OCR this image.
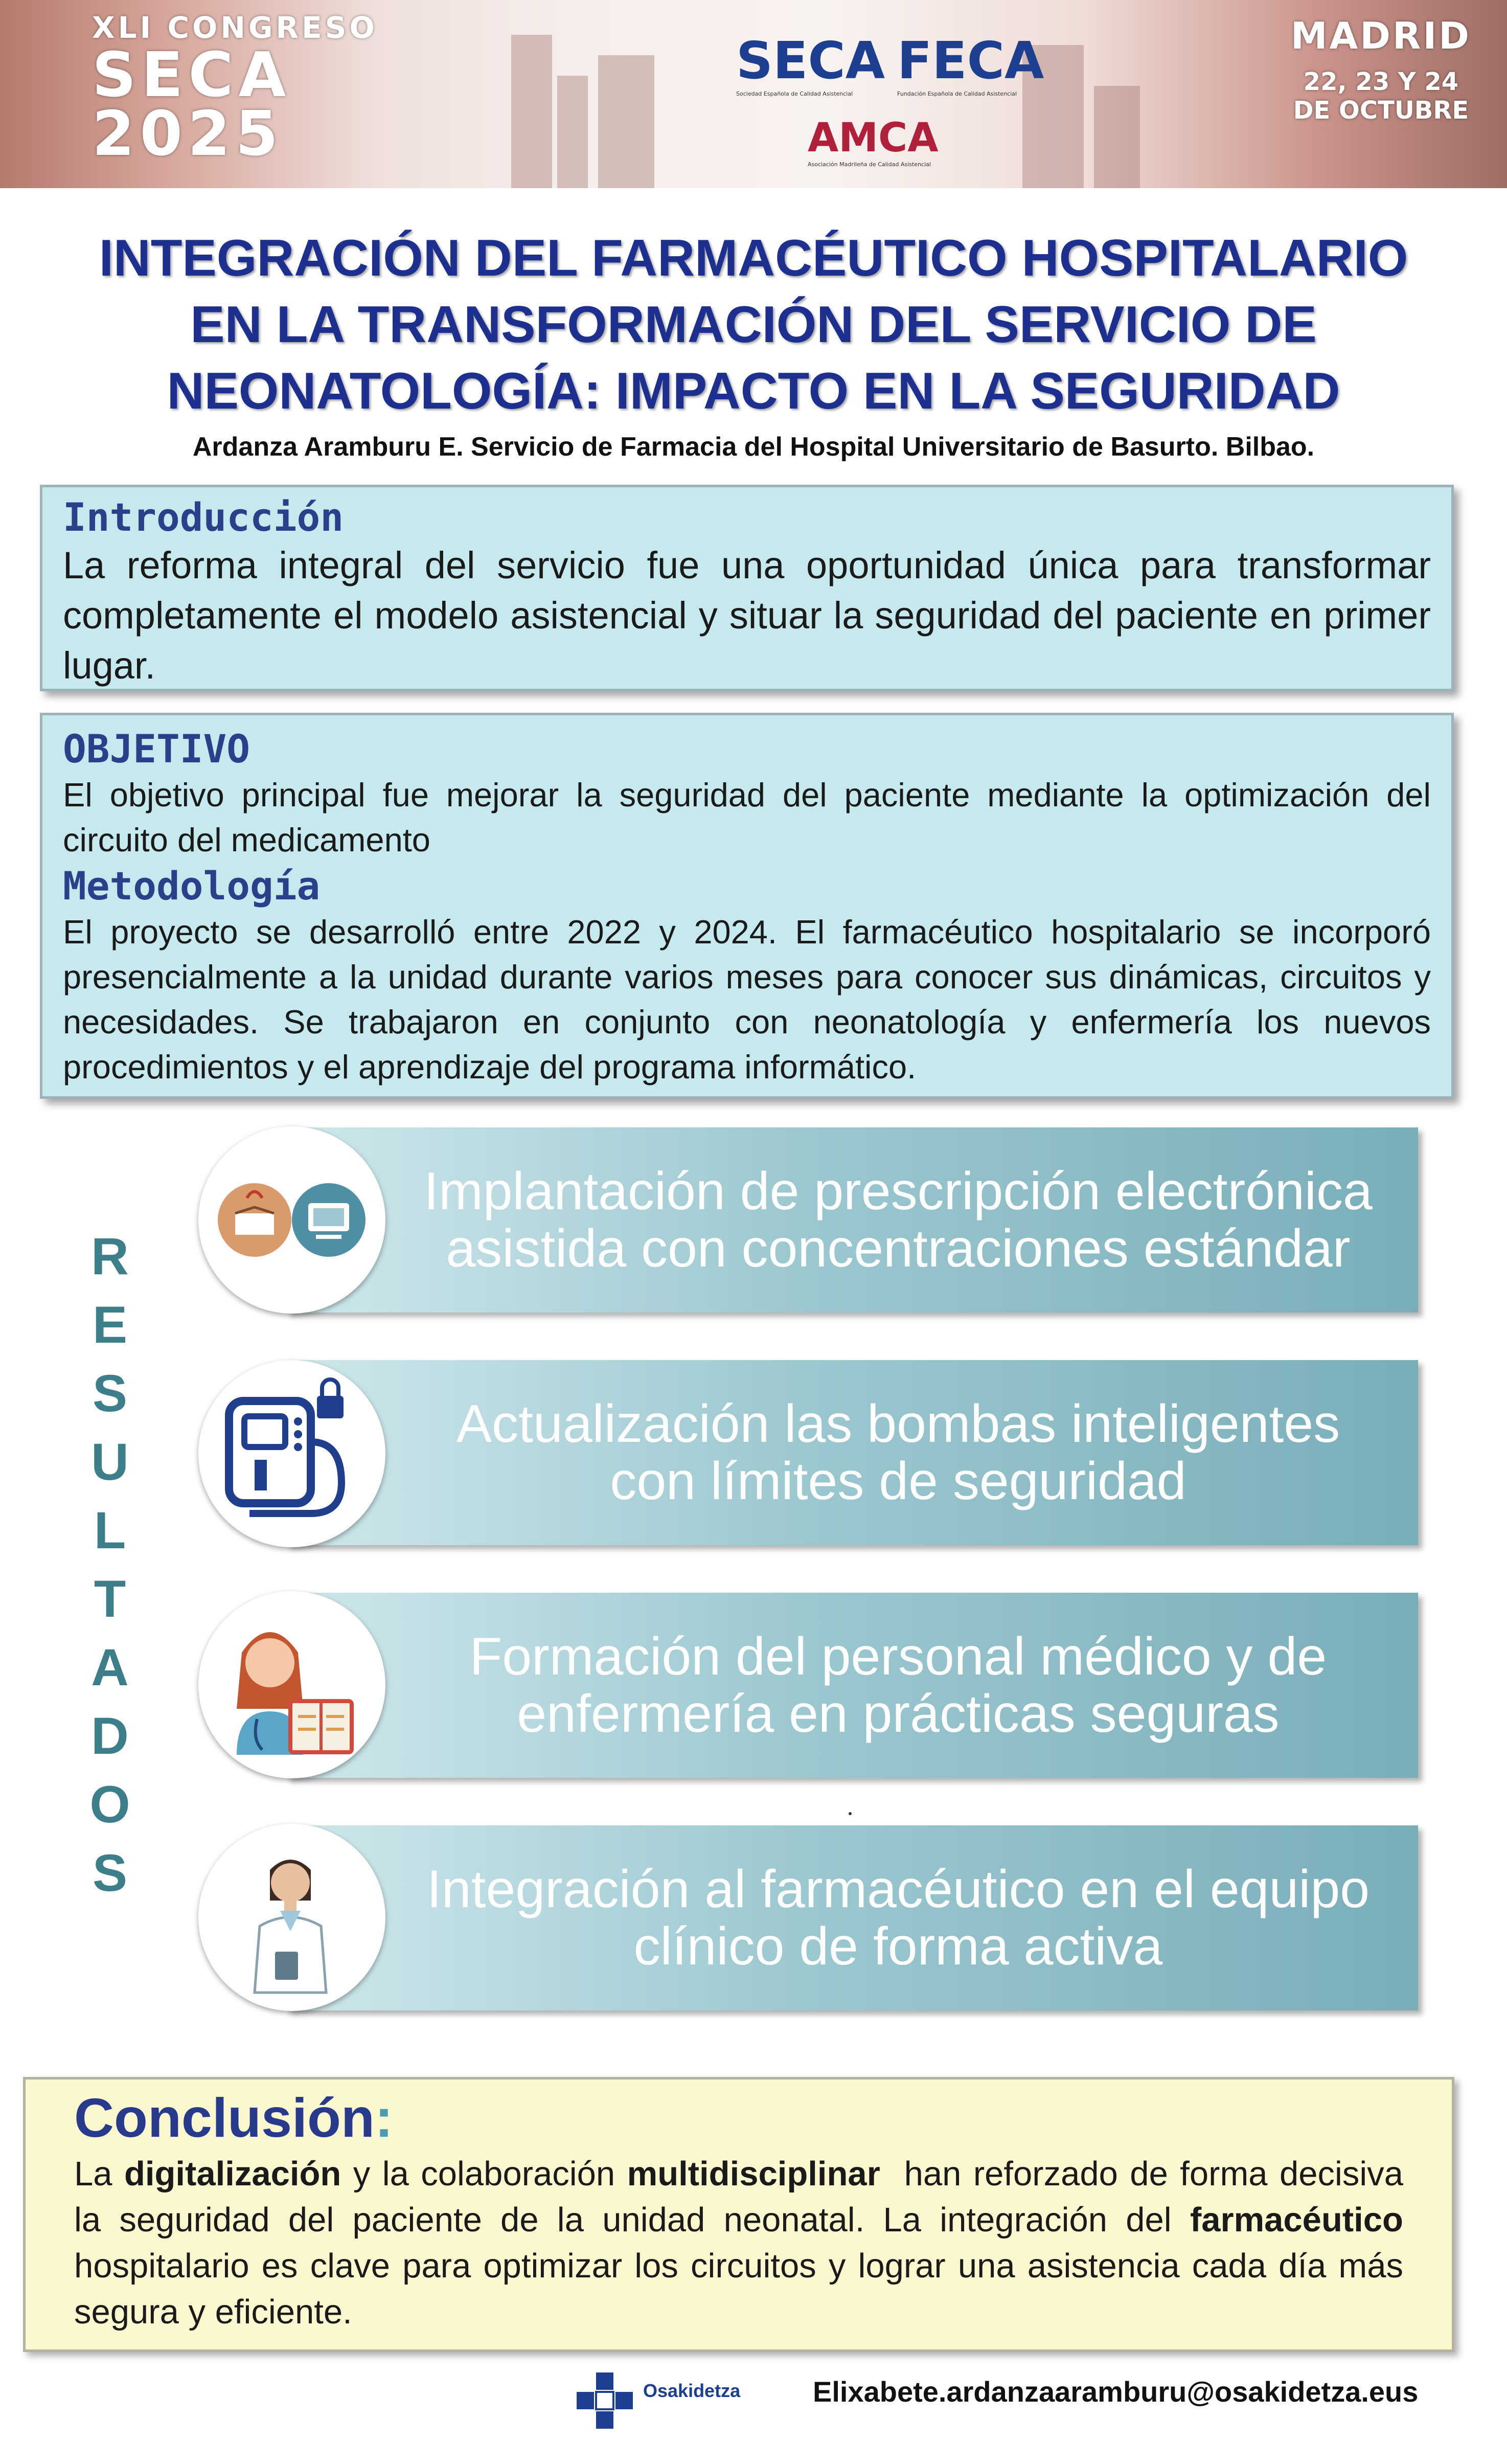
XLI CONGRESO
SECA
2025
SECA
Sociedad Española de Calidad Asistencial
FECA
Fundación Española de Calidad Asistencial
AMCA
Asociación Madrileña de Calidad Asistencial
MADRID
22, 23 Y 24
DE OCTUBRE
INTEGRACIÓN DEL FARMACÉUTICO HOSPITALARIO
EN LA TRANSFORMACIÓN DEL SERVICIO DE
NEONATOLOGÍA: IMPACTO EN LA SEGURIDAD
Ardanza Aramburu E. Servicio de Farmacia del Hospital Universitario de Basurto. Bilbao.
Introducción

La reforma integral del servicio fue una oportunidad única para transformar completamente el modelo asistencial y situar la seguridad del paciente en primer lugar.

OBJETIVO

El objetivo principal fue mejorar la seguridad del paciente mediante la optimización del circuito del medicamento

Metodología

El proyecto se desarrolló entre 2022 y 2024. El farmacéutico hospitalario se incorporó presencialmente a la unidad durante varios meses para conocer sus dinámicas, circuitos y necesidades. Se trabajaron en conjunto con neonatología y enfermería los nuevos procedimientos y el aprendizaje del programa informático.

R
E
S
U
L
T
A
D
O
S
Implantación de prescripción electrónica
asistida con concentraciones estándar
Actualización las bombas inteligentes
con límites de seguridad
Formación del personal médico y de
enfermería en prácticas seguras
Integración al farmacéutico en el equipo
clínico de forma activa
Conclusión:

La digitalización y la colaboración multidisciplinar  han reforzado de forma decisiva la seguridad del paciente de la unidad neonatal. La integración del farmacéutico hospitalario es clave para optimizar los circuitos y lograr una asistencia cada día más segura y eficiente.

Osakidetza	Elixabete.ardanzaaramburu@osakidetza.eus
